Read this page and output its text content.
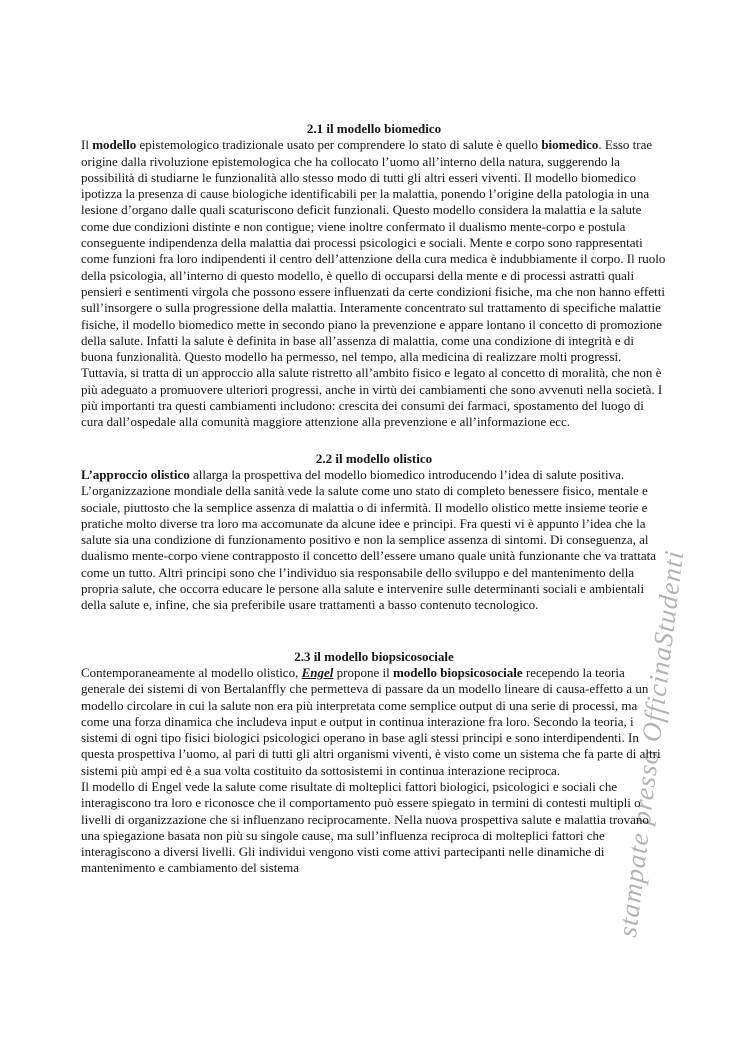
stampate presso OfficinaStudenti
2.1 il modello biomedico

Il modello epistemologico tradizionale usato per comprendere lo stato di salute è quello biomedico. Esso trae origine dalla rivoluzione epistemologica che ha collocato l’uomo all’interno della natura, suggerendo la possibilità di studiarne le funzionalità allo stesso modo di tutti gli altri esseri viventi. Il modello biomedico ipotizza la presenza di cause biologiche identificabili per la malattia, ponendo l’origine della patologia in una lesione d’organo dalle quali scaturiscono deficit funzionali. Questo modello considera la malattia e la salute come due condizioni distinte e non contigue; viene inoltre confermato il dualismo mente-corpo e postula conseguente indipendenza della malattia dai processi psicologici e sociali. Mente e corpo sono rappresentati come funzioni fra loro indipendenti il centro dell’attenzione della cura medica è indubbiamente il corpo. Il ruolo della psicologia, all’interno di questo modello, è quello di occuparsi della mente e di processi astratti quali pensieri e sentimenti virgola che possono essere influenzati da certe condizioni fisiche, ma che non hanno effetti sull’insorgere o sulla progressione della malattia. Interamente concentrato sul trattamento di specifiche malattie fisiche, il modello biomedico mette in secondo piano la prevenzione e appare lontano il concetto di promozione della salute. Infatti la salute è definita in base all’assenza di malattia, come una condizione di integrità e di buona funzionalità. Questo modello ha permesso, nel tempo, alla medicina di realizzare molti progressi. Tuttavia, si tratta di un approccio alla salute ristretto all’ambito fisico e legato al concetto di moralità, che non è più adeguato a promuovere ulteriori progressi, anche in virtù dei cambiamenti che sono avvenuti nella società. I più importanti tra questi cambiamenti includono: crescita dei consumi dei farmaci, spostamento del luogo di cura dall’ospedale alla comunità maggiore attenzione alla prevenzione e all’informazione ecc.

2.2 il modello olistico

L’approccio olistico allarga la prospettiva del modello biomedico introducendo l’idea di salute positiva. L’organizzazione mondiale della sanità vede la salute come uno stato di completo benessere fisico, mentale e sociale, piuttosto che la semplice assenza di malattia o di infermità. Il modello olistico mette insieme teorie e pratiche molto diverse tra loro ma accomunate da alcune idee e principi. Fra questi vi è appunto l’idea che la salute sia una condizione di funzionamento positivo e non la semplice assenza di sintomi. Di conseguenza, al dualismo mente-corpo viene contrapposto il concetto dell’essere umano quale unità funzionante che va trattata come un tutto. Altri principi sono che l’individuo sia responsabile dello sviluppo e del mantenimento della propria salute, che occorra educare le persone alla salute e intervenire sulle determinanti sociali e ambientali della salute e, infine, che sia preferibile usare trattamenti a basso contenuto tecnologico.

2.3 il modello biopsicosociale

Contemporaneamente al modello olistico, Engel propone il modello biopsicosociale recependo la teoria generale dei sistemi di von Bertalanffly che permetteva di passare da un modello lineare di causa-effetto a un modello circolare in cui la salute non era più interpretata come semplice output di una serie di processi, ma come una forza dinamica che includeva input e output in continua interazione fra loro. Secondo la teoria, i sistemi di ogni tipo fisici biologici psicologici operano in base agli stessi principi e sono interdipendenti. In questa prospettiva l’uomo, al pari di tutti gli altri organismi viventi, è visto come un sistema che fa parte di altri sistemi più ampi ed è a sua volta costituito da sottosistemi in continua interazione reciproca.

Il modello di Engel vede la salute come risultate di molteplici fattori biologici, psicologici e sociali che interagiscono tra loro e riconosce che il comportamento può essere spiegato in termini di contesti multipli o livelli di organizzazione che si influenzano reciprocamente. Nella nuova prospettiva salute e malattia trovano una spiegazione basata non più su singole cause, ma sull’influenza reciproca di molteplici fattori che interagiscono a diversi livelli. Gli individui vengono visti come attivi partecipanti nelle dinamiche di mantenimento e cambiamento del sistema
